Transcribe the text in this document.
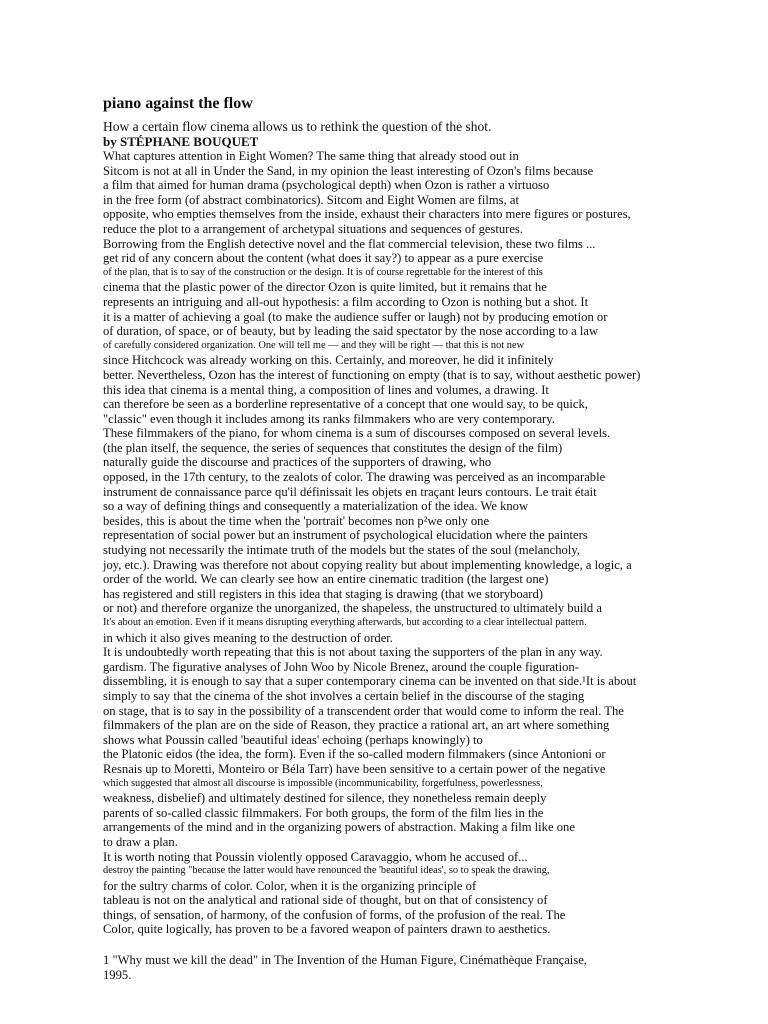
piano against the flow

How a certain flow cinema allows us to rethink the question of the shot.

by STÉPHANE BOUQUET

What captures attention in Eight Women? The same thing that already stood out in
Sitcom is not at all in Under the Sand, in my opinion the least interesting of Ozon's films because
a film that aimed for human drama (psychological depth) when Ozon is rather a virtuoso
in the free form (of abstract combinatorics). Sitcom and Eight Women are films, at
opposite, who empties themselves from the inside, exhaust their characters into mere figures or postures,
reduce the plot to a arrangement of archetypal situations and sequences of gestures.
Borrowing from the English detective novel and the flat commercial television, these two films ...
get rid of any concern about the content (what does it say?) to appear as a pure exercise
of the plan, that is to say of the construction or the design. It is of course regrettable for the interest of this
cinema that the plastic power of the director Ozon is quite limited, but it remains that he
represents an intriguing and all-out hypothesis: a film according to Ozon is nothing but a shot. It
it is a matter of achieving a goal (to make the audience suffer or laugh) not by producing emotion or
of duration, of space, or of beauty, but by leading the said spectator by the nose according to a law
of carefully considered organization. One will tell me — and they will be right — that this is not new
since Hitchcock was already working on this. Certainly, and moreover, he did it infinitely
better. Nevertheless, Ozon has the interest of functioning on empty (that is to say, without aesthetic power)
this idea that cinema is a mental thing, a composition of lines and volumes, a drawing. It
can therefore be seen as a borderline representative of a concept that one would say, to be quick,
"classic" even though it includes among its ranks filmmakers who are very contemporary.
These filmmakers of the piano, for whom cinema is a sum of discourses composed on several levels.
(the plan itself, the sequence, the series of sequences that constitutes the design of the film)
naturally guide the discourse and practices of the supporters of drawing, who
opposed, in the 17th century, to the zealots of color. The drawing was perceived as an incomparable
instrument de connaissance parce qu'il définissait les objets en traçant leurs contours. Le trait était
so a way of defining things and consequently a materialization of the idea. We know
besides, this is about the time when the 'portrait' becomes non p²we only one
representation of social power but an instrument of psychological elucidation where the painters
studying not necessarily the intimate truth of the models but the states of the soul (melancholy,
joy, etc.). Drawing was therefore not about copying reality but about implementing knowledge, a logic, a
order of the world. We can clearly see how an entire cinematic tradition (the largest one)
has registered and still registers in this idea that staging is drawing (that we storyboard)
or not) and therefore organize the unorganized, the shapeless, the unstructured to ultimately build a
It's about an emotion. Even if it means disrupting everything afterwards, but according to a clear intellectual pattern.
in which it also gives meaning to the destruction of order.
It is undoubtedly worth repeating that this is not about taxing the supporters of the plan in any way.
gardism. The figurative analyses of John Woo by Nicole Brenez, around the couple figuration-
dissembling, it is enough to say that a super contemporary cinema can be invented on that side.¹It is about
simply to say that the cinema of the shot involves a certain belief in the discourse of the staging
on stage, that is to say in the possibility of a transcendent order that would come to inform the real. The
filmmakers of the plan are on the side of Reason, they practice a rational art, an art where something
shows what Poussin called 'beautiful ideas' echoing (perhaps knowingly) to
the Platonic eidos (the idea, the form). Even if the so-called modern filmmakers (since Antonioni or
Resnais up to Moretti, Monteiro or Béla Tarr) have been sensitive to a certain power of the negative
which suggested that almost all discourse is impossible (incommunicability, forgetfulness, powerlessness,
weakness, disbelief) and ultimately destined for silence, they nonetheless remain deeply
parents of so-called classic filmmakers. For both groups, the form of the film lies in the
arrangements of the mind and in the organizing powers of abstraction. Making a film like one
to draw a plan.
It is worth noting that Poussin violently opposed Caravaggio, whom he accused of...
destroy the painting "because the latter would have renounced the 'beautiful ideas', so to speak the drawing,
for the sultry charms of color. Color, when it is the organizing principle of
tableau is not on the analytical and rational side of thought, but on that of consistency of
things, of sensation, of harmony, of the confusion of forms, of the profusion of the real. The
Color, quite logically, has proven to be a favored weapon of painters drawn to aesthetics.
1 "Why must we kill the dead" in The Invention of the Human Figure, Cinémathèque Française,
1995.
